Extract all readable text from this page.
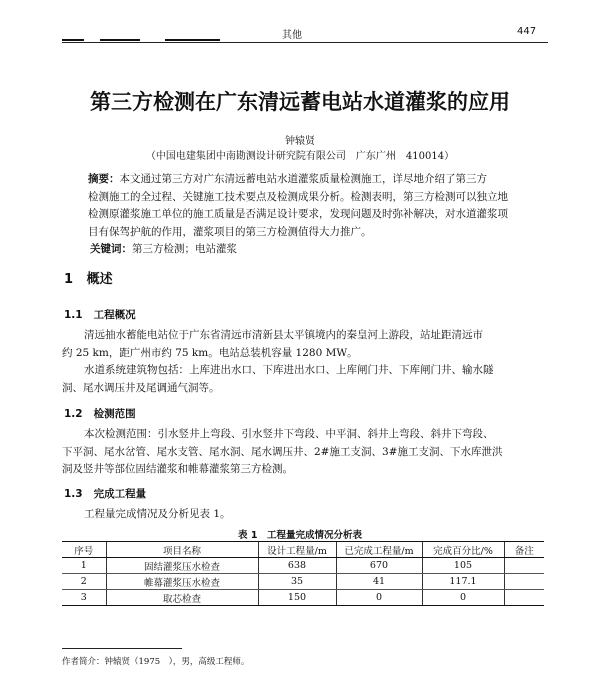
其他	447
第三方检测在广东清远蓄电站水道灌浆的应用
钟辕贤
（中国电建集团中南勘测设计研究院有限公司　广东广州　410014）
摘要：本文通过第三方对广东清远蓄电站水道灌浆质量检测施工，详尽地介绍了第三方
检测施工的全过程、关键施工技术要点及检测成果分析。检测表明，第三方检测可以独立地
检测原灌浆施工单位的施工质量是否满足设计要求，发现问题及时弥补解决，对水道灌浆项
目有保驾护航的作用，灌浆项目的第三方检测值得大力推广。
关键词：第三方检测；电站灌浆
1 概述
1.1 工程概况
清远抽水蓄能电站位于广东省清远市清新县太平镇境内的秦皇河上游段，站址距清远市
约 25 km，距广州市约 75 km。电站总装机容量 1280 MW。
水道系统建筑物包括：上库进出水口、下库进出水口、上库闸门井、下库闸门井、输水隧
洞、尾水调压井及尾调通气洞等。
1.2 检测范围
本次检测范围：引水竖井上弯段、引水竖井下弯段、中平洞、斜井上弯段、斜井下弯段、
下平洞、尾水岔管、尾水支管、尾水洞、尾水调压井、2#施工支洞、3#施工支洞、下水库泄洪
洞及竖井等部位固结灌浆和帷幕灌浆第三方检测。
1.3 完成工程量
工程量完成情况及分析见表 1。
表 1　工程量完成情况分析表
序号	项目名称	设计工程量/m	已完成工程量/m	完成百分比/%	备注
1	固结灌浆压水检查	638	670	105	
2	帷幕灌浆压水检查	35	41	117.1	
3	取芯检查	150	0	0	
作者简介：钟辕贤（1975　），男，高级工程师。
